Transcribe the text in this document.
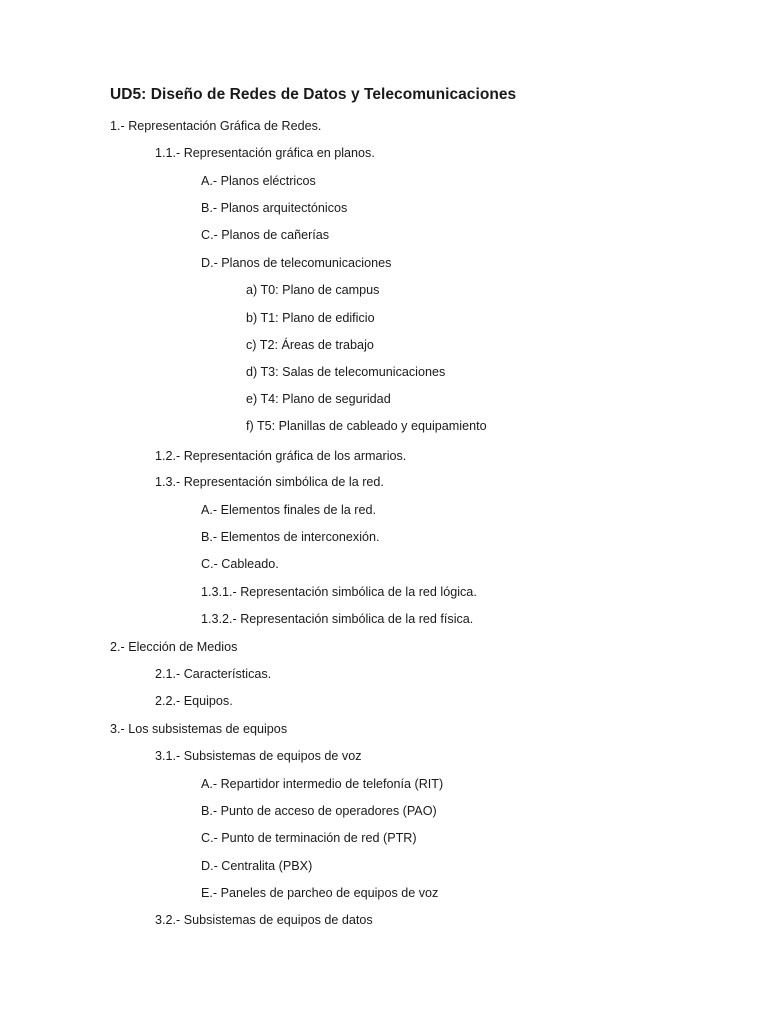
UD5: Diseño de Redes de Datos y Telecomunicaciones
1.- Representación Gráfica de Redes.
1.1.- Representación gráfica en planos.
A.- Planos eléctricos
B.- Planos arquitectónicos
C.- Planos de cañerías
D.- Planos de telecomunicaciones
a) T0: Plano de campus
b) T1: Plano de edificio
c) T2: Áreas de trabajo
d) T3: Salas de telecomunicaciones
e) T4: Plano de seguridad
f) T5: Planillas de cableado y equipamiento
1.2.- Representación gráfica de los armarios.
1.3.- Representación simbólica de la red.
A.- Elementos finales de la red.
B.- Elementos de interconexión.
C.- Cableado.
1.3.1.- Representación simbólica de la red lógica.
1.3.2.- Representación simbólica de la red física.
2.- Elección de Medios
2.1.- Características.
2.2.- Equipos.
3.- Los subsistemas de equipos
3.1.- Subsistemas de equipos de voz
A.- Repartidor intermedio de telefonía (RIT)
B.- Punto de acceso de operadores (PAO)
C.- Punto de terminación de red (PTR)
D.- Centralita (PBX)
E.- Paneles de parcheo de equipos de voz
3.2.- Subsistemas de equipos de datos
